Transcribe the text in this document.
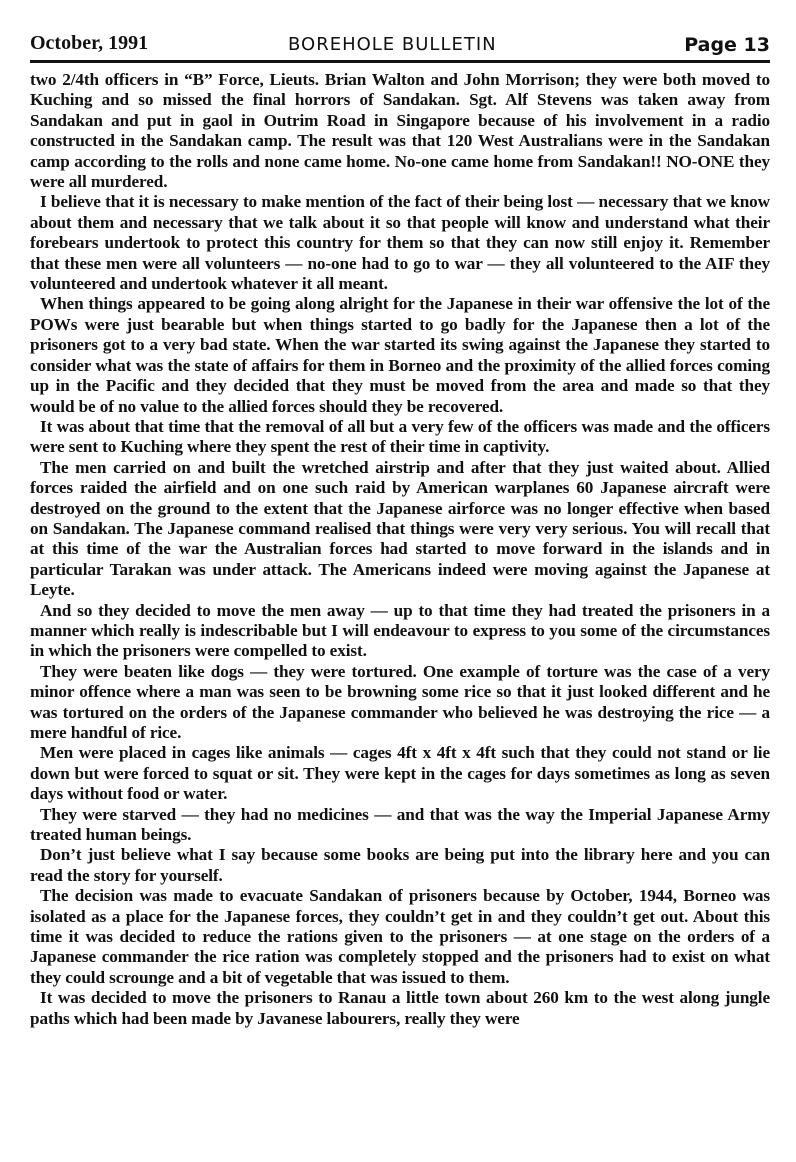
October, 1991	BOREHOLE BULLETIN	Page 13

two 2/4th officers in “B” Force, Lieuts. Brian Walton and John Morrison; they were both moved to Kuching and so missed the final horrors of Sandakan. Sgt. Alf Stevens was taken away from Sandakan and put in gaol in Outrim Road in Singapore because of his involvement in a radio constructed in the Sandakan camp. The result was that 120 West Australians were in the Sandakan camp according to the rolls and none came home. No-one came home from Sandakan!! NO-ONE they were all murdered.

I believe that it is necessary to make mention of the fact of their being lost — necessary that we know about them and necessary that we talk about it so that people will know and understand what their forebears undertook to protect this country for them so that they can now still enjoy it. Remember that these men were all volunteers — no-one had to go to war — they all volunteered to the AIF they volunteered and undertook whatever it all meant.

When things appeared to be going along alright for the Japanese in their war offensive the lot of the POWs were just bearable but when things started to go badly for the Japanese then a lot of the prisoners got to a very bad state. When the war started its swing against the Japanese they started to consider what was the state of affairs for them in Borneo and the proximity of the allied forces coming up in the Pacific and they decided that they must be moved from the area and made so that they would be of no value to the allied forces should they be recovered.

It was about that time that the removal of all but a very few of the officers was made and the officers were sent to Kuching where they spent the rest of their time in captivity.

The men carried on and built the wretched airstrip and after that they just waited about. Allied forces raided the airfield and on one such raid by American warplanes 60 Japanese aircraft were destroyed on the ground to the extent that the Japanese airforce was no longer effective when based on Sandakan. The Japanese command realised that things were very very serious. You will recall that at this time of the war the Australian forces had started to move forward in the islands and in particular Tarakan was under attack. The Americans indeed were moving against the Japanese at Leyte.

And so they decided to move the men away — up to that time they had treated the prisoners in a manner which really is indescribable but I will endeavour to express to you some of the circumstances in which the prisoners were compelled to exist.

They were beaten like dogs — they were tortured. One example of torture was the case of a very minor offence where a man was seen to be browning some rice so that it just looked different and he was tortured on the orders of the Japanese commander who believed he was destroying the rice — a mere handful of rice.

Men were placed in cages like animals — cages 4ft x 4ft x 4ft such that they could not stand or lie down but were forced to squat or sit. They were kept in the cages for days sometimes as long as seven days without food or water.

They were starved — they had no medicines — and that was the way the Imperial Japanese Army treated human beings.

Don’t just believe what I say because some books are being put into the library here and you can read the story for yourself.

The decision was made to evacuate Sandakan of prisoners because by October, 1944, Borneo was isolated as a place for the Japanese forces, they couldn’t get in and they couldn’t get out. About this time it was decided to reduce the rations given to the prisoners — at one stage on the orders of a Japanese commander the rice ration was completely stopped and the prisoners had to exist on what they could scrounge and a bit of vegetable that was issued to them.

It was decided to move the prisoners to Ranau a little town about 260 km to the west along jungle paths which had been made by Javanese labourers, really they were
